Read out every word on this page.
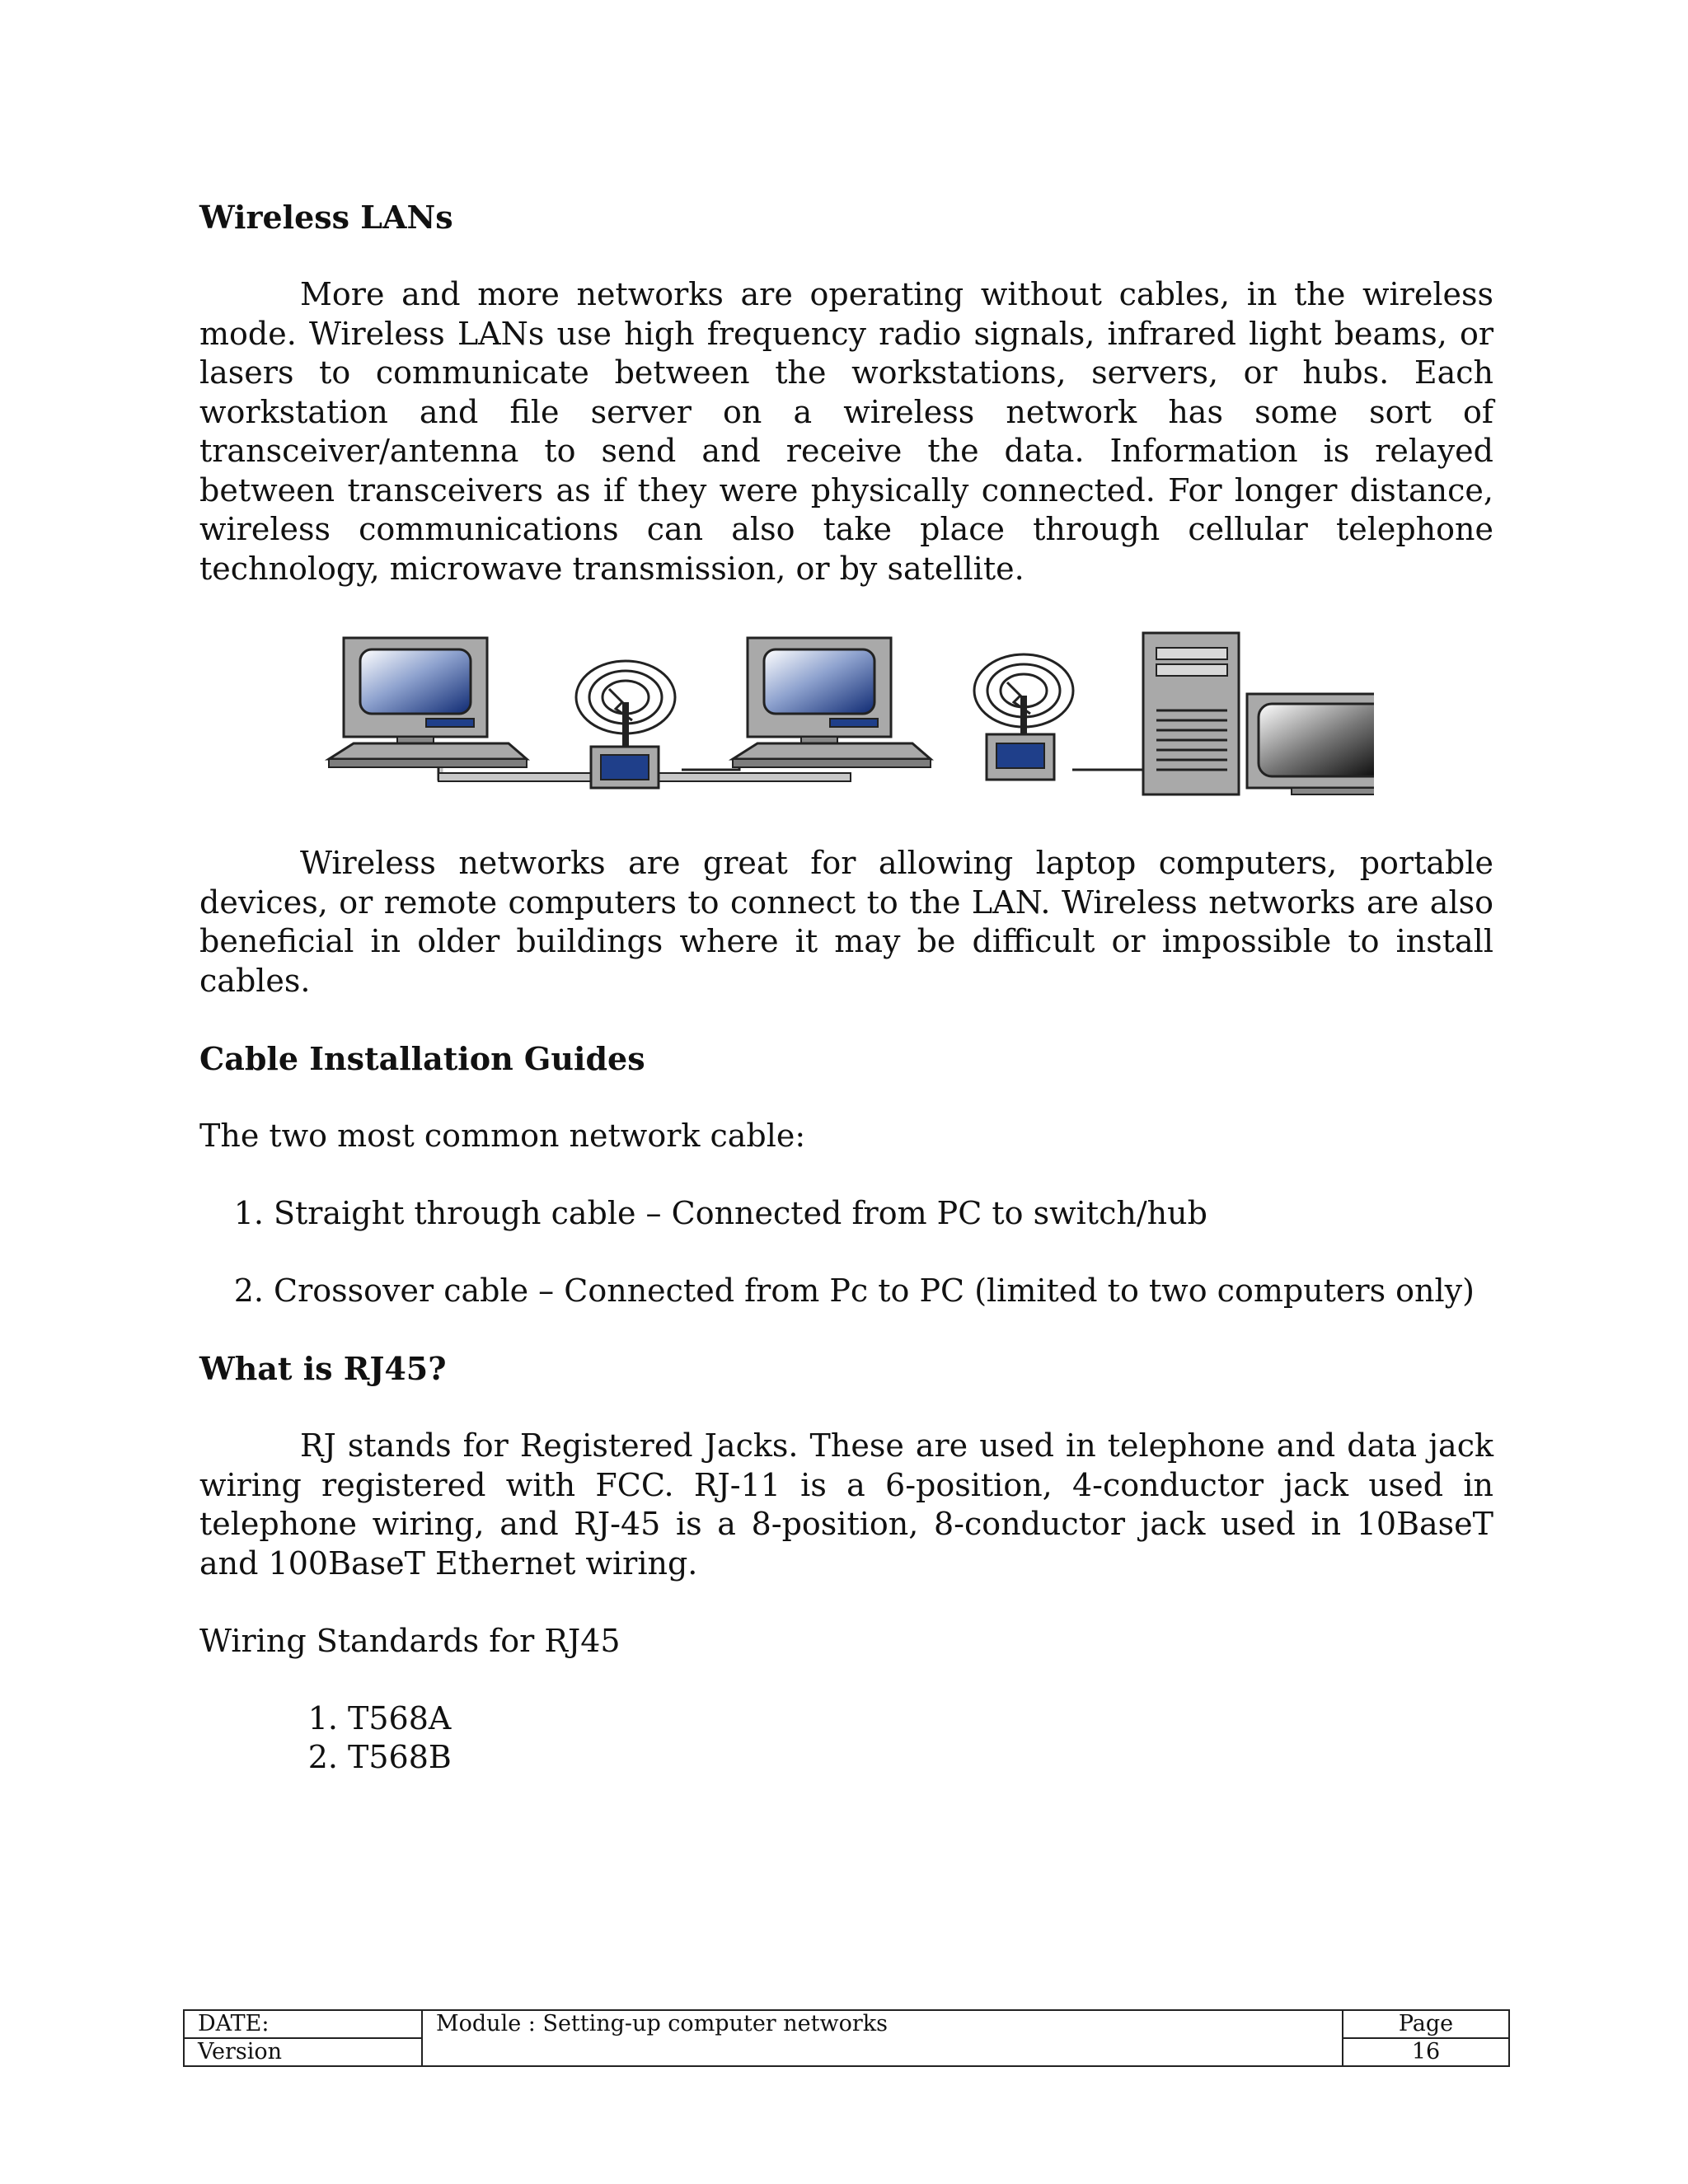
Wireless LANs

More and more networks are operating without cables, in the wireless mode. Wireless LANs use high frequency radio signals, infrared light beams, or lasers to communicate between the workstations, servers, or hubs. Each workstation and file server on a wireless network has some sort of transceiver/antenna to send and receive the data. Information is relayed between transceivers as if they were physically connected. For longer distance, wireless communications can also take place through cellular telephone technology, microwave transmission, or by satellite.

Wireless networks are great for allowing laptop computers, portable devices, or remote computers to connect to the LAN. Wireless networks are also beneficial in older buildings where it may be difficult or impossible to install cables.

Cable Installation Guides

The two most common network cable:

1. Straight through cable – Connected from PC to switch/hub
2. Crossover cable – Connected from Pc to PC (limited to two computers only)
What is RJ45?

RJ stands for Registered Jacks. These are used in telephone and data jack wiring registered with FCC. RJ-11 is a 6-position, 4-conductor jack used in telephone wiring, and RJ-45 is a 8-position, 8-conductor jack used in 10BaseT and 100BaseT Ethernet wiring.

Wiring Standards for RJ45

1. T568A
2. T568B
DATE:	Module : Setting-up computer networks	Page
Version		16
